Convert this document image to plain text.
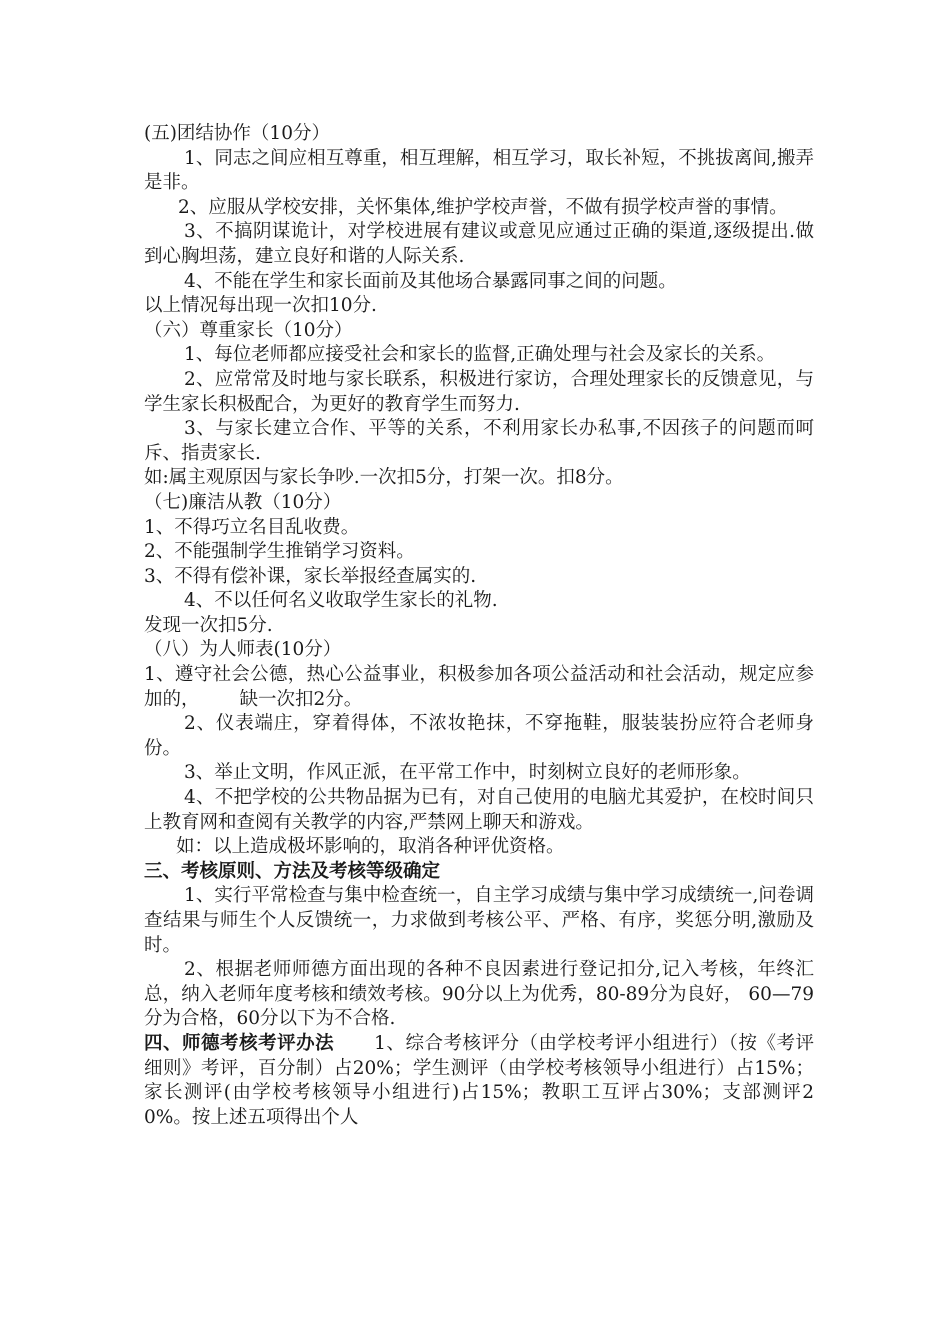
(五)团结协作（10分）

1、同志之间应相互尊重，相互理解，相互学习，取长补短，不挑拔离间,搬弄是非。

2、应服从学校安排，关怀集体,维护学校声誉，不做有损学校声誉的事情。

3、不搞阴谋诡计，对学校进展有建议或意见应通过正确的渠道,逐级提出.做到心胸坦荡，建立良好和谐的人际关系.

4、不能在学生和家长面前及其他场合暴露同事之间的问题。

以上情况每出现一次扣10分.

（六）尊重家长（10分）

1、每位老师都应接受社会和家长的监督,正确处理与社会及家长的关系。

2、应常常及时地与家长联系，积极进行家访，合理处理家长的反馈意见，与学生家长积极配合，为更好的教育学生而努力.

3、与家长建立合作、平等的关系，不利用家长办私事,不因孩子的问题而呵斥、指责家长.

如:属主观原因与家长争吵.一次扣5分，打架一次。扣8分。

（七)廉洁从教（10分）

1、不得巧立名目乱收费。

2、不能强制学生推销学习资料。

3、不得有偿补课，家长举报经查属实的.

4、不以任何名义收取学生家长的礼物.

发现一次扣5分.

（八）为人师表(10分）

1、遵守社会公德，热心公益事业，积极参加各项公益活动和社会活动，规定应参加的， 缺一次扣2分。

2、仪表端庄，穿着得体，不浓妆艳抹，不穿拖鞋，服装装扮应符合老师身份。

3、举止文明，作风正派，在平常工作中，时刻树立良好的老师形象。

4、不把学校的公共物品据为已有，对自己使用的电脑尤其爱护，在校时间只上教育网和查阅有关教学的内容,严禁网上聊天和游戏。

如：以上造成极坏影响的，取消各种评优资格。

三、考核原则、方法及考核等级确定

1、实行平常检查与集中检查统一，自主学习成绩与集中学习成绩统一,问卷调查结果与师生个人反馈统一，力求做到考核公平、严格、有序，奖惩分明,激励及时。

2、根据老师师德方面出现的各种不良因素进行登记扣分,记入考核，年终汇总，纳入老师年度考核和绩效考核。90分以上为优秀，80-89分为良好， 60—79分为合格，60分以下为不合格.

四、师德考核考评办法 1、综合考核评分（由学校考评小组进行）（按《考评细则》考评，百分制）占20%；学生测评（由学校考核领导小组进行）占15%；家长测评(由学校考核领导小组进行)占15%；教职工互评占30%；支部测评20%。按上述五项得出个人
